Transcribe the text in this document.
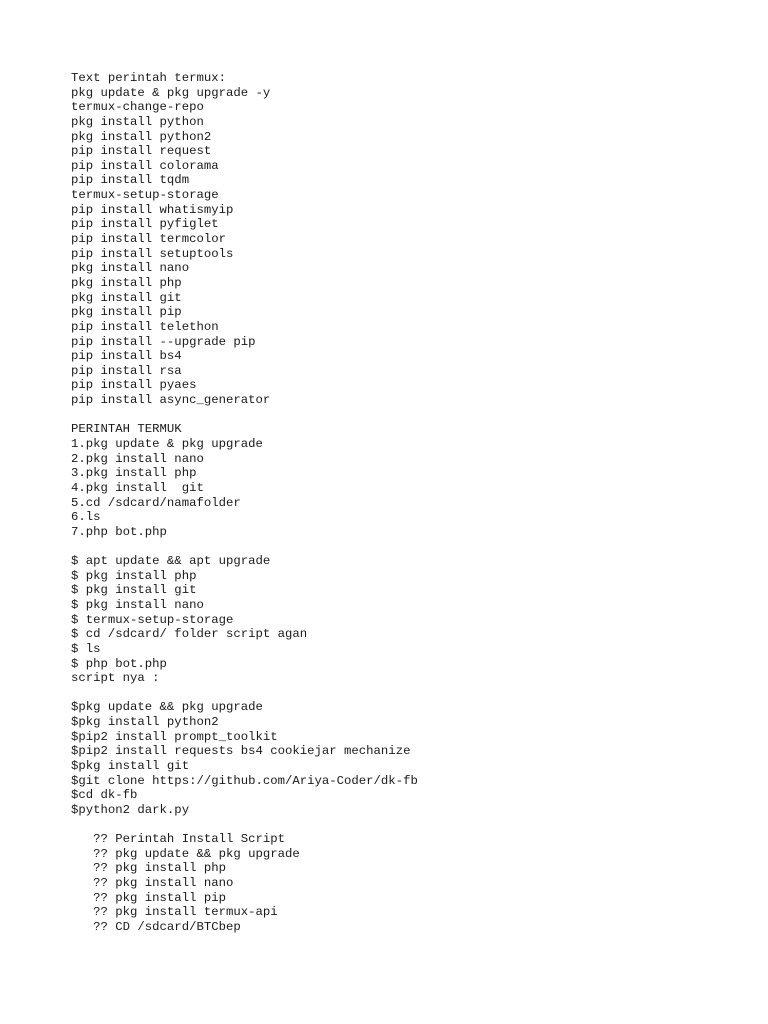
Text perintah termux:
pkg update & pkg upgrade -y
termux-change-repo
pkg install python
pkg install python2
pip install request
pip install colorama
pip install tqdm
termux-setup-storage
pip install whatismyip
pip install pyfiglet
pip install termcolor
pip install setuptools
pkg install nano
pkg install php
pkg install git
pkg install pip
pip install telethon
pip install --upgrade pip
pip install bs4
pip install rsa
pip install pyaes
pip install async_generator
PERINTAH TERMUK
1.pkg update & pkg upgrade
2.pkg install nano
3.pkg install php
4.pkg install  git
5.cd /sdcard/namafolder
6.ls
7.php bot.php
$ apt update && apt upgrade
$ pkg install php
$ pkg install git
$ pkg install nano
$ termux-setup-storage
$ cd /sdcard/ folder script agan
$ ls
$ php bot.php
script nya :
$pkg update && pkg upgrade
$pkg install python2
$pip2 install prompt_toolkit
$pip2 install requests bs4 cookiejar mechanize
$pkg install git
$git clone https://github.com/Ariya-Coder/dk-fb
$cd dk-fb
$python2 dark.py
?? Perintah Install Script
?? pkg update && pkg upgrade
?? pkg install php
?? pkg install nano
?? pkg install pip
?? pkg install termux-api
?? CD /sdcard/BTCbep
